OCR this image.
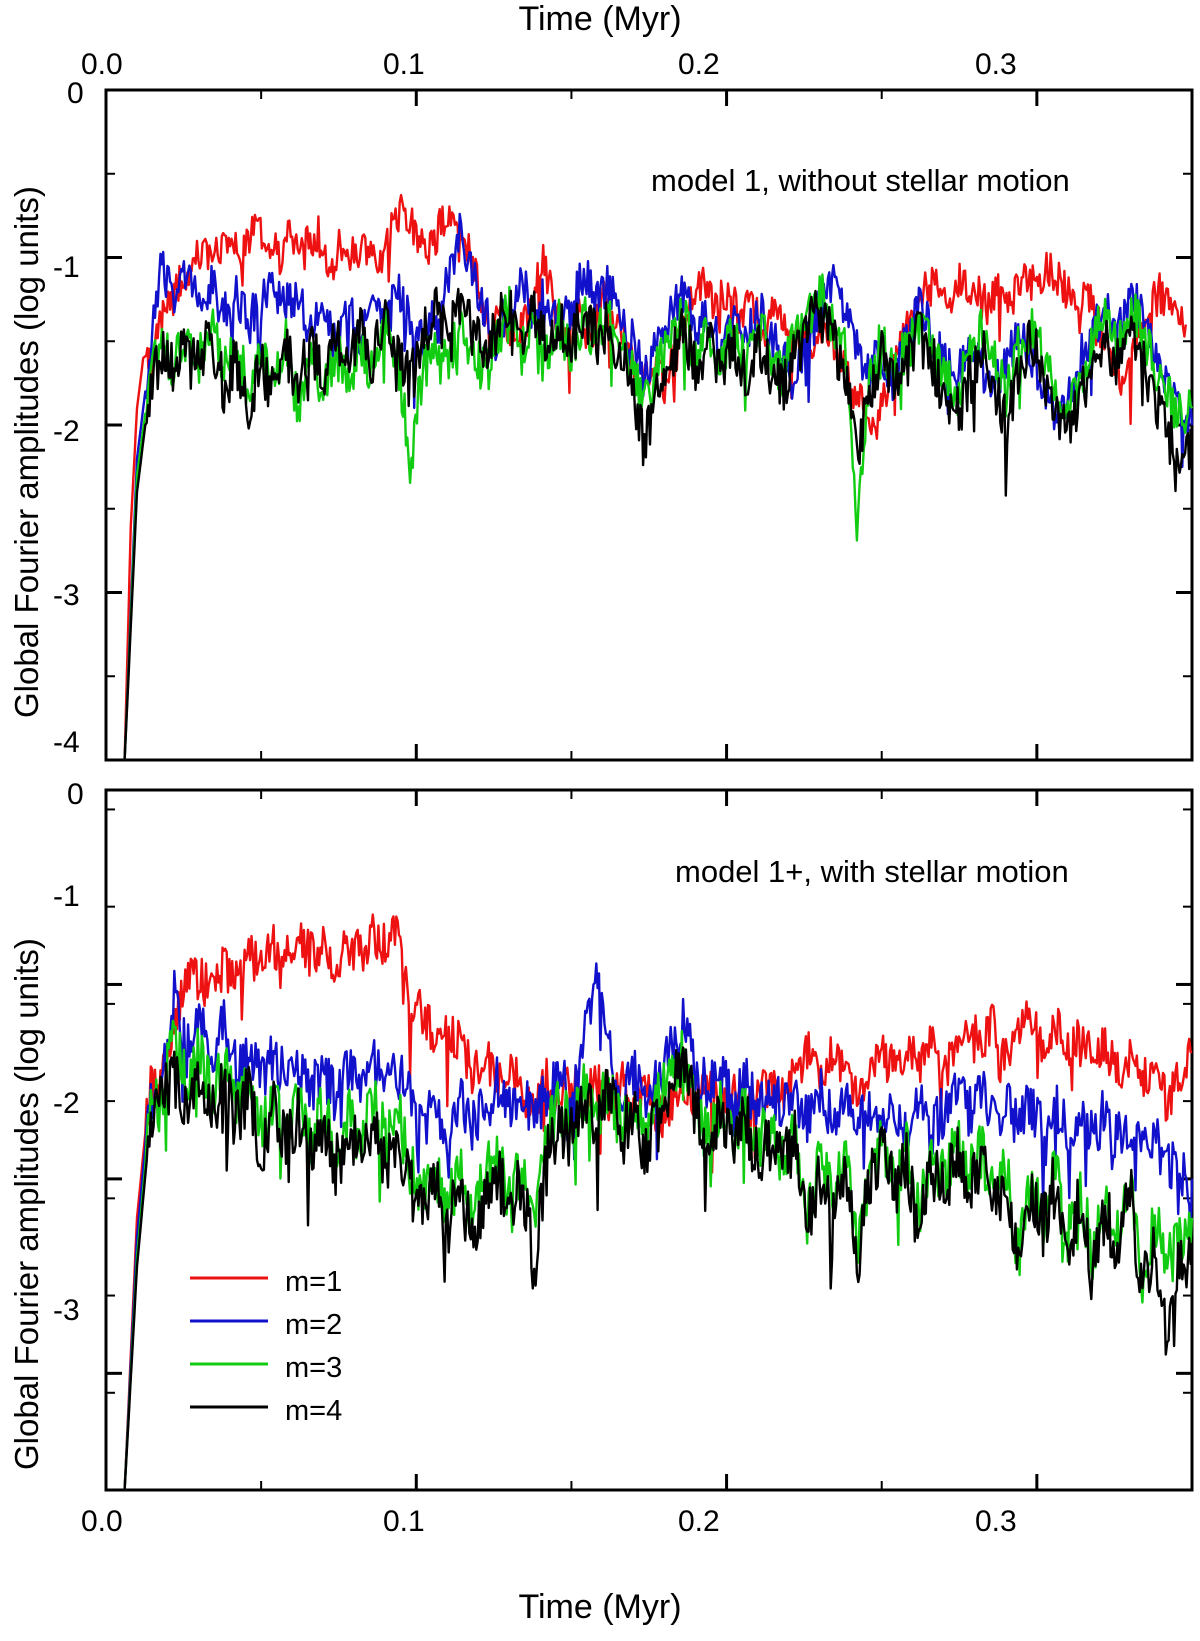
Time (Myr)
Time (Myr)
Global Fourier amplitudes (log units)
Global Fourier amplitudes (log units)
0.0	0.1	0.2	0.3
0
-1
-2
-3
-4
0
-1
-2
-3
0.0	0.1	0.2	0.3
model 1, without stellar motion
model 1+, with stellar motion
m=1
m=2
m=3
m=4
